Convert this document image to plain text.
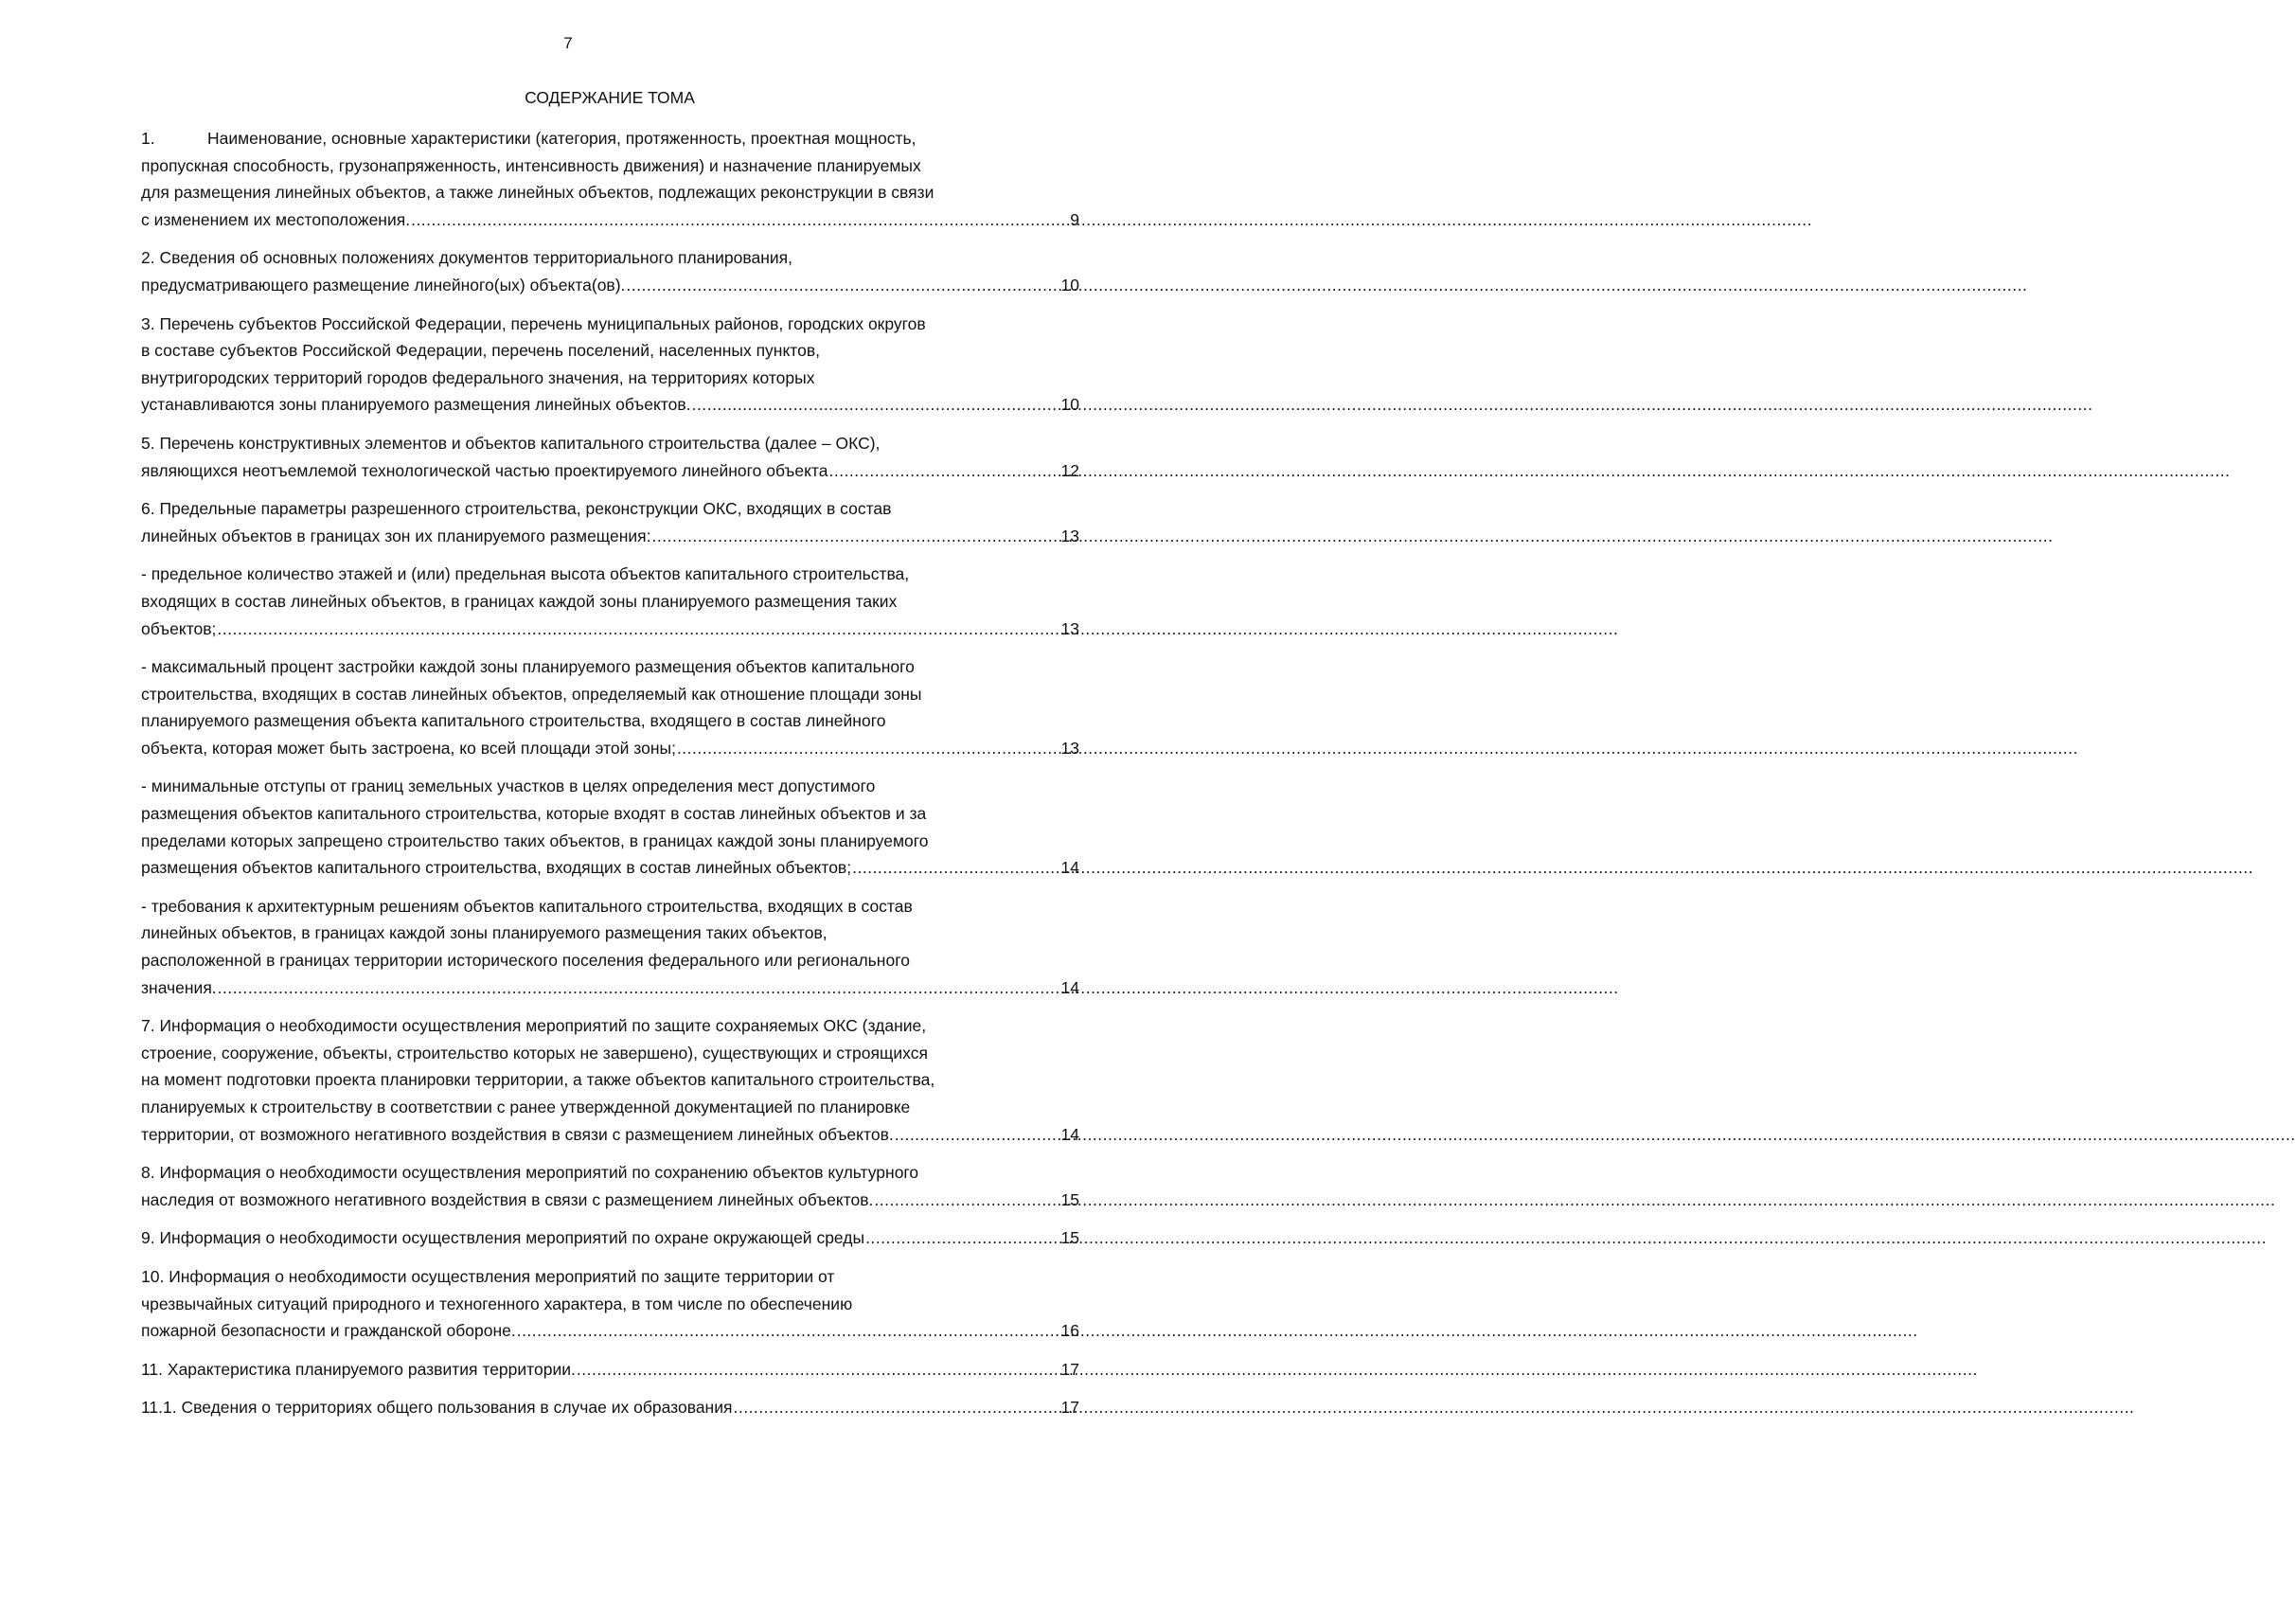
7
СОДЕРЖАНИЕ ТОМА
1.	Наименование, основные характеристики (категория, протяженность, проектная мощность,
пропускная способность, грузонапряженность, интенсивность движения) и назначение планируемых
для размещения линейных объектов, а также линейных объектов, подлежащих реконструкции в связи
с изменением их местоположения. .....	9
2. Сведения об основных положениях документов территориального планирования,
предусматривающего размещение линейного(ых) объекта(ов). .....	10
3. Перечень субъектов Российской Федерации, перечень муниципальных районов, городских округов
в составе субъектов Российской Федерации, перечень поселений, населенных пунктов,
внутригородских территорий городов федерального значения, на территориях которых
устанавливаются зоны планируемого размещения линейных объектов. .....	10
5. Перечень конструктивных элементов и объектов капитального строительства (далее – ОКС),
являющихся неотъемлемой технологической частью проектируемого линейного объекта .....	12
6. Предельные параметры разрешенного строительства, реконструкции ОКС, входящих в состав
линейных объектов в границах зон их планируемого размещения: .....	13
- предельное количество этажей и (или) предельная высота объектов капитального строительства,
входящих в состав линейных объектов, в границах каждой зоны планируемого размещения таких
объектов; .....	13
- максимальный процент застройки каждой зоны планируемого размещения объектов капитального
строительства, входящих в состав линейных объектов, определяемый как отношение площади зоны
планируемого размещения объекта капитального строительства, входящего в состав линейного
объекта, которая может быть застроена, ко всей площади этой зоны; .....	13
- минимальные отступы от границ земельных участков в целях определения мест допустимого
размещения объектов капитального строительства, которые входят в состав линейных объектов и за
пределами которых запрещено строительство таких объектов, в границах каждой зоны планируемого
размещения объектов капитального строительства, входящих в состав линейных объектов; .....	14
- требования к архитектурным решениям объектов капитального строительства, входящих в состав
линейных объектов, в границах каждой зоны планируемого размещения таких объектов,
расположенной в границах территории исторического поселения федерального или регионального
значения. .....	14
7. Информация о необходимости осуществления мероприятий по защите сохраняемых ОКС (здание,
строение, сооружение, объекты, строительство которых не завершено), существующих и строящихся
на момент подготовки проекта планировки территории, а также объектов капитального строительства,
планируемых к строительству в соответствии с ранее утвержденной документацией по планировке
территории, от возможного негативного воздействия в связи с размещением линейных объектов. .....	14
8. Информация о необходимости осуществления мероприятий по сохранению объектов культурного
наследия от возможного негативного воздействия в связи с размещением линейных объектов. .....	15
9. Информация о необходимости осуществления мероприятий по охране окружающей среды .....	15
10. Информация о необходимости осуществления мероприятий по защите территории от
чрезвычайных ситуаций природного и техногенного характера, в том числе по обеспечению
пожарной безопасности и гражданской обороне. .....	16
11. Характеристика планируемого развития территории. .....	17
11.1. Сведения о территориях общего пользования в случае их образования .....	17
